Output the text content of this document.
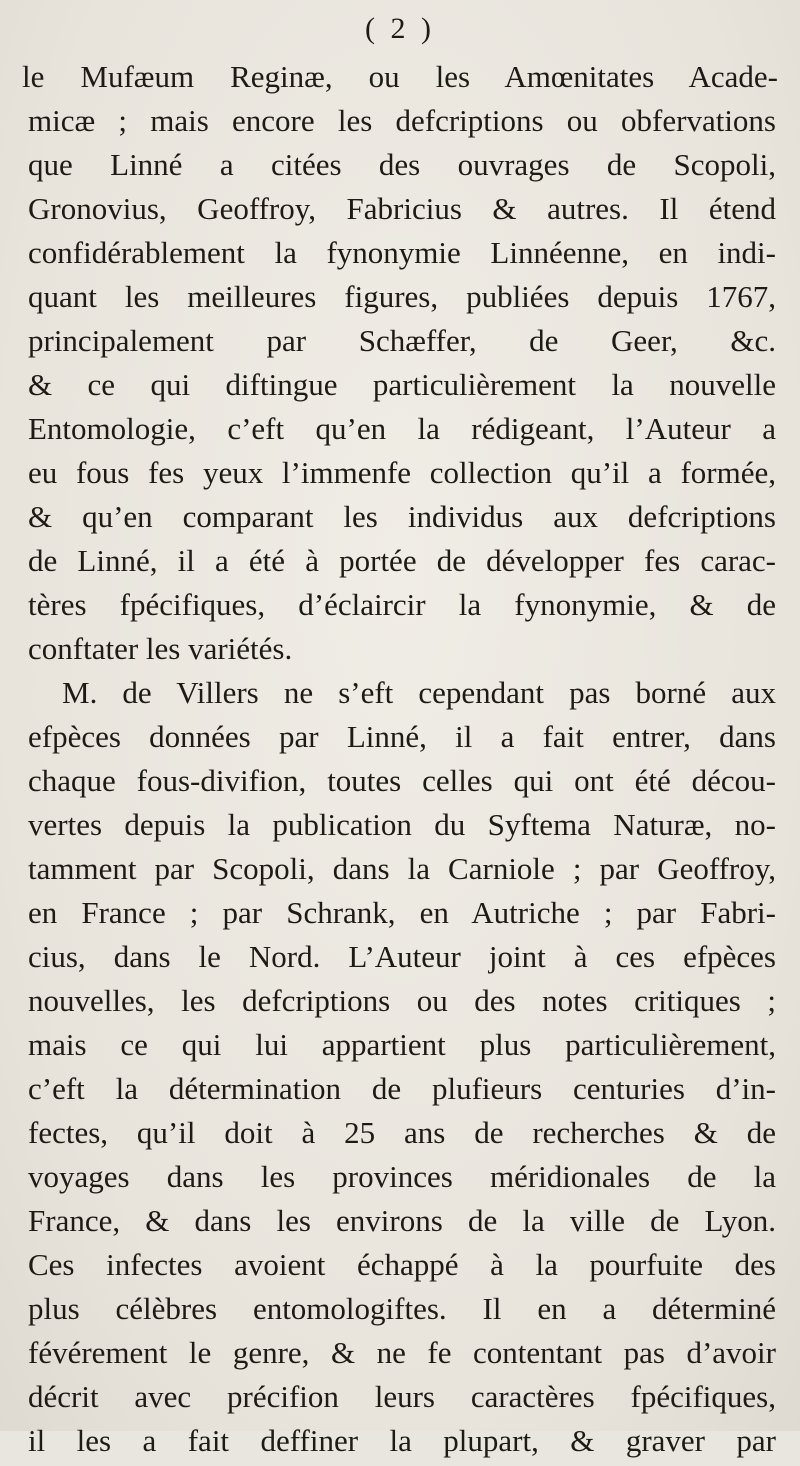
( 2 )
le Mufæum Reginæ, ou les Amœnitates Acade-
micæ ; mais encore les defcriptions ou obfervations
que Linné a citées des ouvrages de Scopoli,
Gronovius, Geoffroy, Fabricius & autres. Il étend
confidérablement la fynonymie Linnéenne, en indi-
quant les meilleures figures, publiées depuis 1767,
principalement par Schæffer, de Geer, &c.
& ce qui diftingue particulièrement la nouvelle
Entomologie, c’eft qu’en la rédigeant, l’Auteur a
eu fous fes yeux l’immenfe collection qu’il a formée,
& qu’en comparant les individus aux defcriptions
de Linné, il a été à portée de développer fes carac-
tères fpécifiques, d’éclaircir la fynonymie, & de
conftater les variétés.
M. de Villers ne s’eft cependant pas borné aux
efpèces données par Linné, il a fait entrer, dans
chaque fous-divifion, toutes celles qui ont été décou-
vertes depuis la publication du Syftema Naturæ, no-
tamment par Scopoli, dans la Carniole ; par Geoffroy,
en France ; par Schrank, en Autriche ; par Fabri-
cius, dans le Nord. L’Auteur joint à ces efpèces
nouvelles, les defcriptions ou des notes critiques ;
mais ce qui lui appartient plus particulièrement,
c’eft la détermination de plufieurs centuries d’in-
fectes, qu’il doit à 25 ans de recherches & de
voyages dans les provinces méridionales de la
France, & dans les environs de la ville de Lyon.
Ces infectes avoient échappé à la pourfuite des
plus célèbres entomologiftes. Il en a déterminé
févérement le genre, & ne fe contentant pas d’avoir
décrit avec précifion leurs caractères fpécifiques,
il les a fait deffiner la plupart, & graver par
